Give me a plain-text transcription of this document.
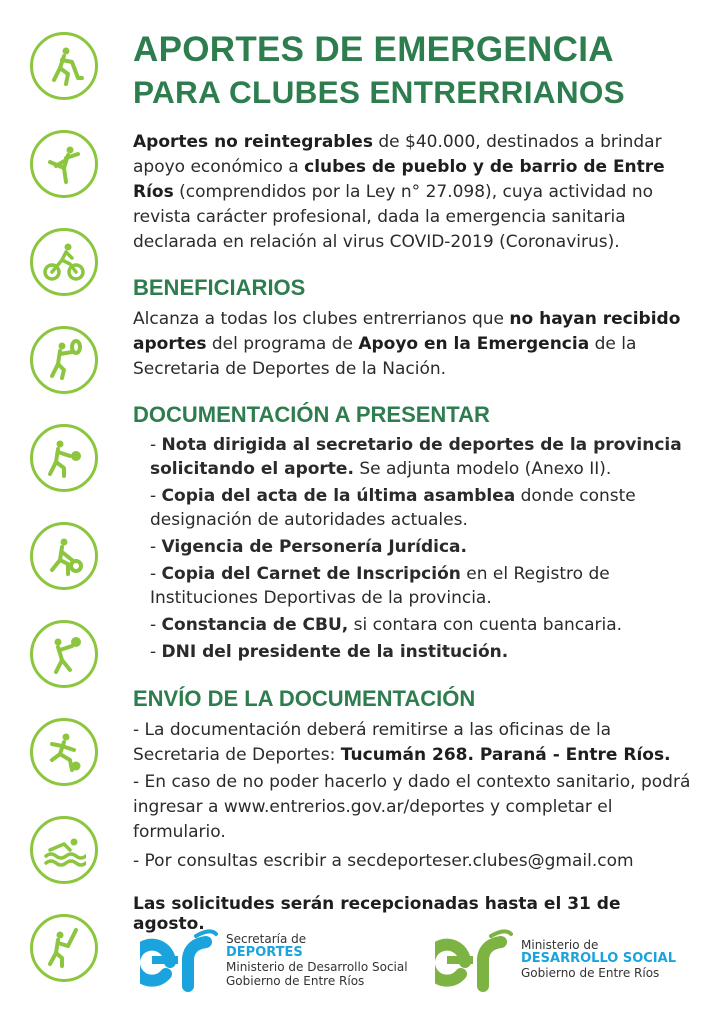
APORTES DE EMERGENCIA
PARA CLUBES ENTRERRIANOS

Aportes no reintegrables de $40.000, destinados a brindar apoyo económico a clubes de pueblo y de barrio de Entre Ríos (comprendidos por la Ley n° 27.098), cuya actividad no revista carácter profesional, dada la emergencia sanitaria declarada en relación al virus COVID-2019 (Coronavirus).

BENEFICIARIOS

Alcanza a todas los clubes entrerrianos que no hayan recibido aportes del programa de Apoyo en la Emergencia de la Secretaria de Deportes de la Nación.

DOCUMENTACIÓN A PRESENTAR
- Nota dirigida al secretario de deportes de la provincia solicitando el aporte. Se adjunta modelo (Anexo II).
- Copia del acta de la última asamblea donde conste designación de autoridades actuales.
- Vigencia de Personería Jurídica.
- Copia del Carnet de Inscripción en el Registro de Instituciones Deportivas de la provincia.
- Constancia de CBU, si contara con cuenta bancaria.
- DNI del presidente de la institución.
ENVÍO DE LA DOCUMENTACIÓN

- La documentación deberá remitirse a las oficinas de la Secretaria de Deportes: Tucumán 268. Paraná - Entre Ríos.

- En caso de no poder hacerlo y dado el contexto sanitario, podrá ingresar a www.entrerios.gov.ar/deportes y completar el formulario.

- Por consultas escribir a secdeporteser.clubes@gmail.com

Las solicitudes serán recepcionadas hasta el 31 de agosto.

Secretaría de
DEPORTES
Ministerio de Desarrollo Social
Gobierno de Entre Ríos
Ministerio de
DESARROLLO SOCIAL
Gobierno de Entre Ríos
